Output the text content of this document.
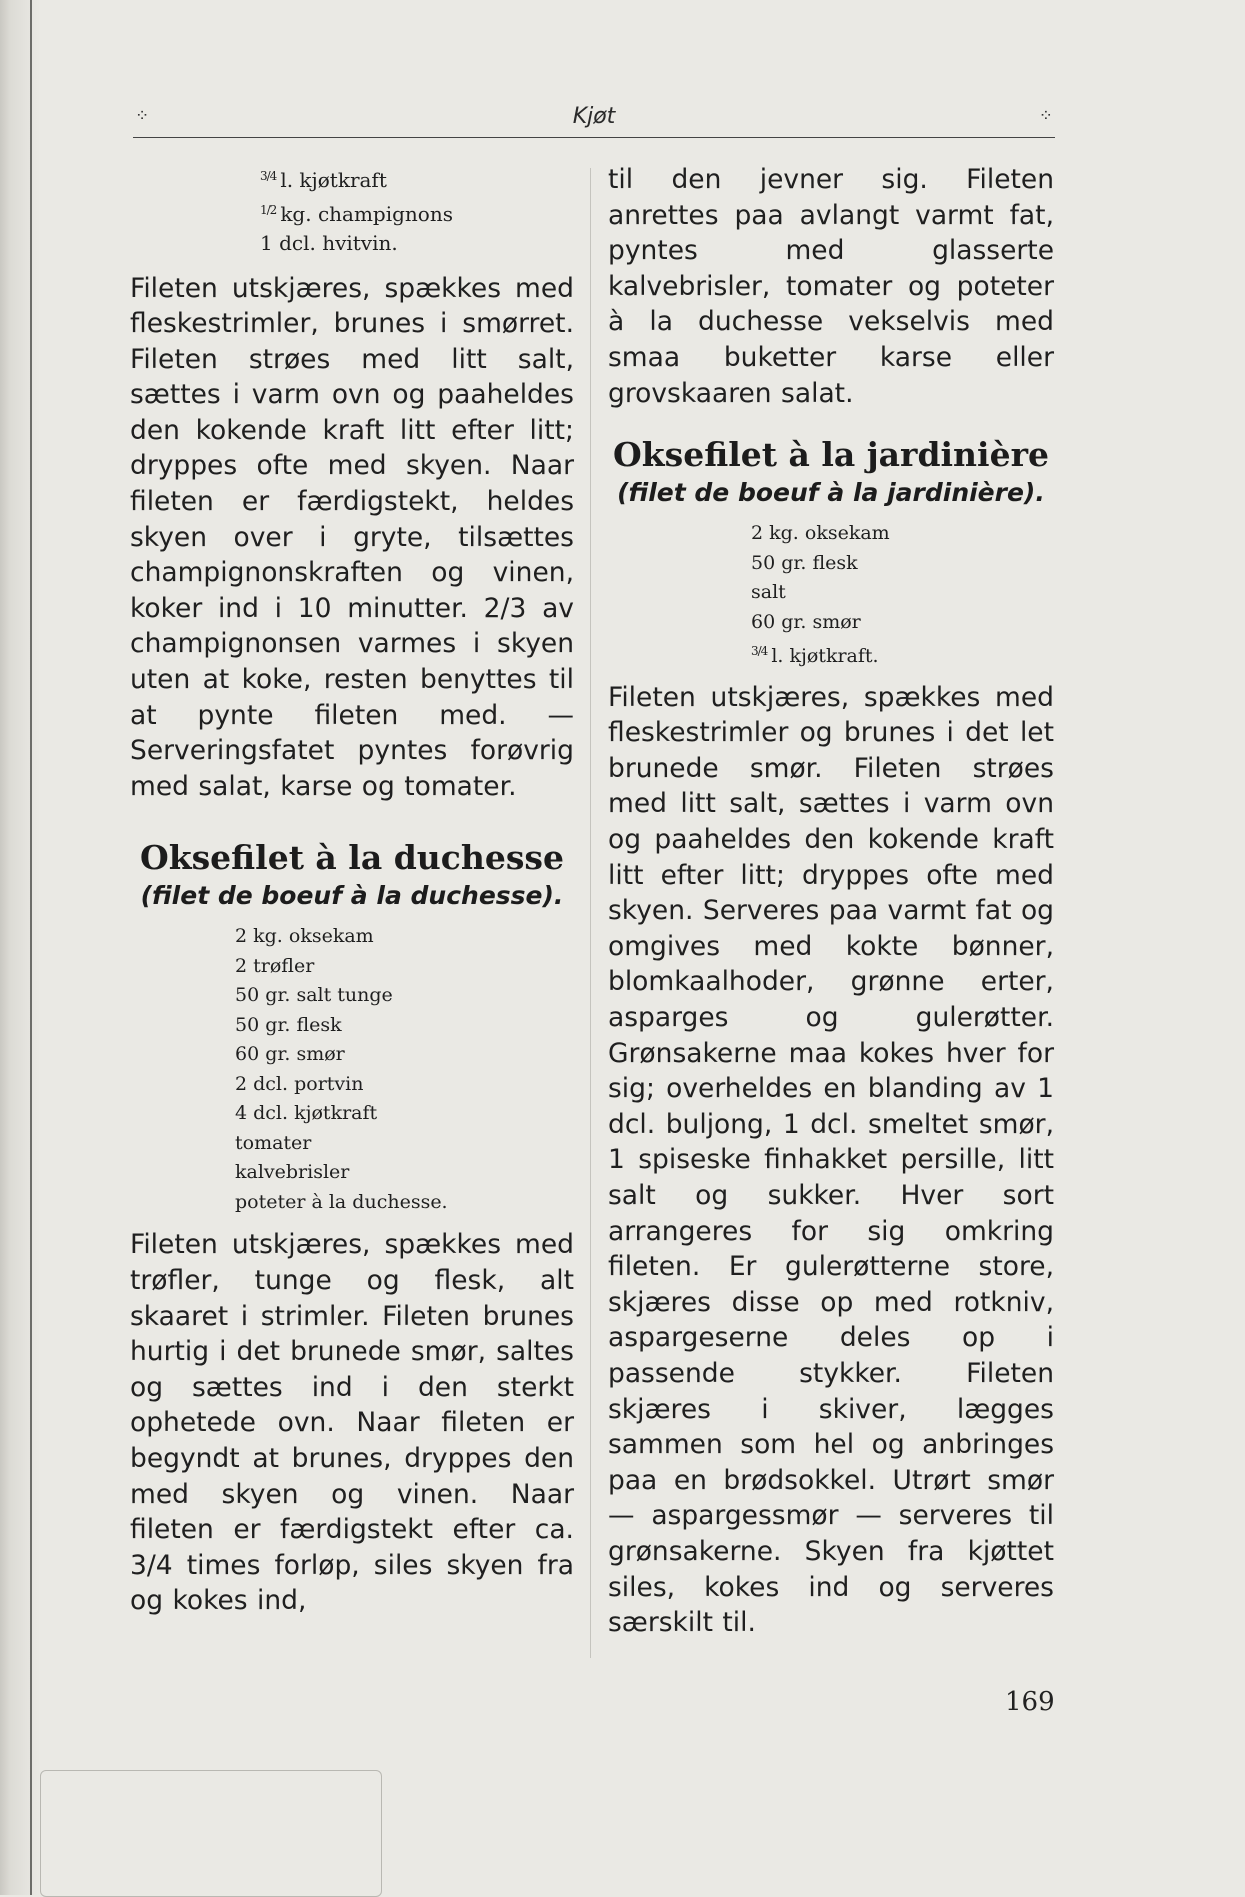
⁘	Kjøt	⁘
$^{3/4}$ l. kjøtkraft
$^{1/2}$ kg. champignons
1 dcl. hvitvin.

Fileten utskjæres, spækkes med fleskestrimler, brunes i smørret. Fileten strøes med litt salt, sættes i varm ovn og paaheldes den kokende kraft litt efter litt; dryppes ofte med skyen. Naar fileten er færdigstekt, heldes skyen over i gryte, tilsættes champignonskraften og vinen, koker ind i 10 minutter. 2/3 av champignonsen varmes i skyen uten at koke, resten benyttes til at pynte fileten med. — Serveringsfatet pyntes forøvrig med salat, karse og tomater.

Oksefilet à la duchesse
(filet de boeuf à la duchesse).
2 kg. oksekam
2 trøfler
50 gr. salt tunge
50 gr. flesk
60 gr. smør
2 dcl. portvin
4 dcl. kjøtkraft
tomater
kalvebrisler
poteter à la duchesse.

Fileten utskjæres, spækkes med trøfler, tunge og flesk, alt skaaret i strimler. Fileten brunes hurtig i det brunede smør, saltes og sættes ind i den sterkt ophetede ovn. Naar fileten er begyndt at brunes, dryppes den med skyen og vinen. Naar fileten er færdigstekt efter ca. 3/4 times forløp, siles skyen fra og kokes ind,

til den jevner sig. Fileten anrettes paa avlangt varmt fat, pyntes med glasserte kalvebrisler, tomater og poteter à la duchesse vekselvis med smaa buketter karse eller grovskaaren salat.

Oksefilet à la jardinière
(filet de boeuf à la jardinière).
2 kg. oksekam
50 gr. flesk
salt
60 gr. smør
$^{3/4}$ l. kjøtkraft.

Fileten utskjæres, spækkes med fleskestrimler og brunes i det let brunede smør. Fileten strøes med litt salt, sættes i varm ovn og paaheldes den kokende kraft litt efter litt; dryppes ofte med skyen. Serveres paa varmt fat og omgives med kokte bønner, blomkaalhoder, grønne erter, asparges og gulerøtter. Grønsakerne maa kokes hver for sig; overheldes en blanding av 1 dcl. buljong, 1 dcl. smeltet smør, 1 spiseske finhakket persille, litt salt og sukker. Hver sort arrangeres for sig omkring fileten. Er gulerøtterne store, skjæres disse op med rotkniv, aspargeserne deles op i passende stykker. Fileten skjæres i skiver, lægges sammen som hel og anbringes paa en brødsokkel. Utrørt smør — aspargessmør — serveres til grønsakerne. Skyen fra kjøttet siles, kokes ind og serveres særskilt til.

169
